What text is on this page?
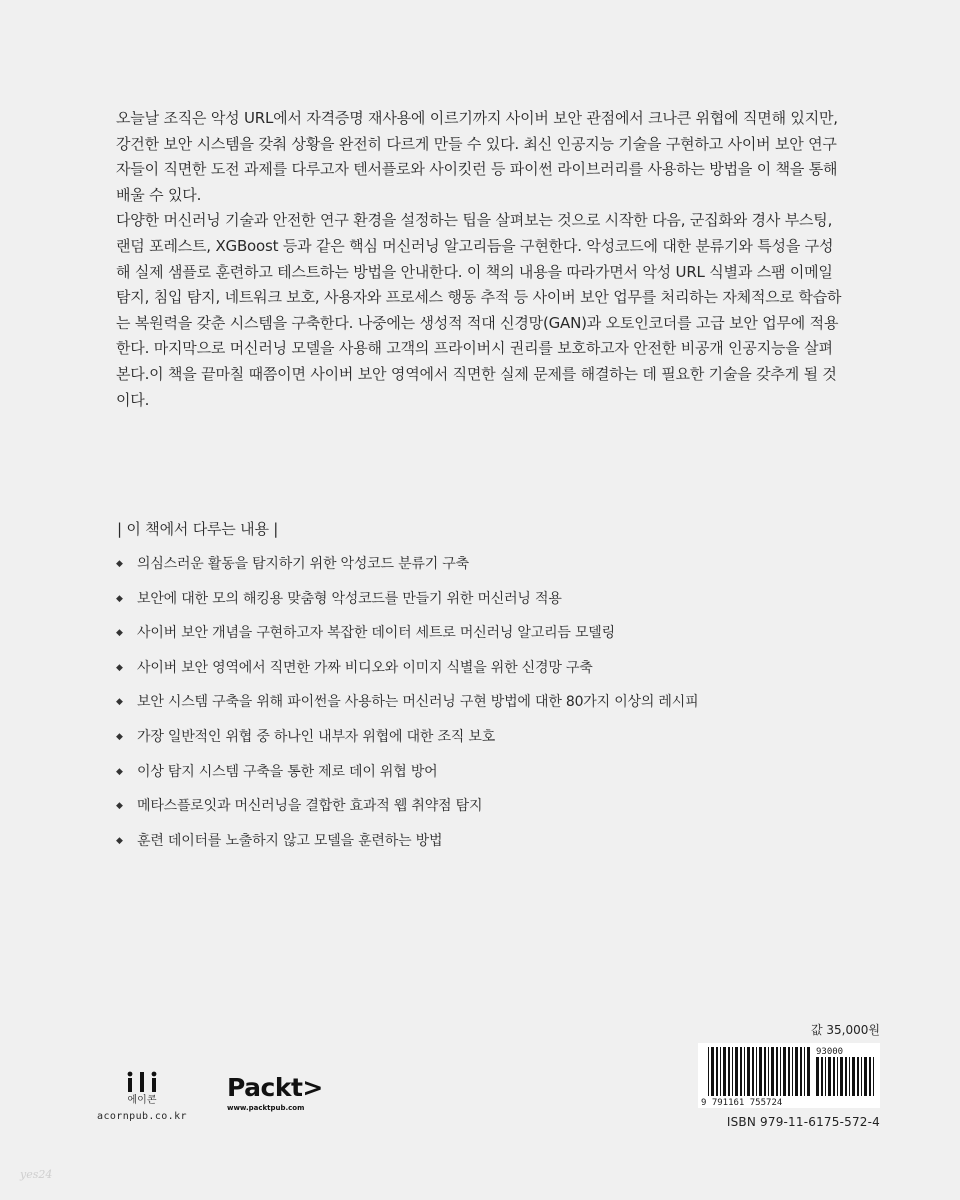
오늘날 조직은 악성 URL에서 자격증명 재사용에 이르기까지 사이버 보안 관점에서 크나큰 위협에 직면해 있지만, 강건한 보안 시스템을 갖춰 상황을 완전히 다르게 만들 수 있다. 최신 인공지능 기술을 구현하고 사이버 보안 연구자들이 직면한 도전 과제를 다루고자 텐서플로와 사이킷런 등 파이썬 라이브러리를 사용하는 방법을 이 책을 통해 배울 수 있다.

다양한 머신러닝 기술과 안전한 연구 환경을 설정하는 팁을 살펴보는 것으로 시작한 다음, 군집화와 경사 부스팅, 랜덤 포레스트, XGBoost 등과 같은 핵심 머신러닝 알고리듬을 구현한다. 악성코드에 대한 분류기와 특성을 구성해 실제 샘플로 훈련하고 테스트하는 방법을 안내한다. 이 책의 내용을 따라가면서 악성 URL 식별과 스팸 이메일 탐지, 침입 탐지, 네트워크 보호, 사용자와 프로세스 행동 추적 등 사이버 보안 업무를 처리하는 자체적으로 학습하는 복원력을 갖춘 시스템을 구축한다. 나중에는 생성적 적대 신경망(GAN)과 오토인코더를 고급 보안 업무에 적용한다. 마지막으로 머신러닝 모델을 사용해 고객의 프라이버시 권리를 보호하고자 안전한 비공개 인공지능을 살펴본다.이 책을 끝마칠 때쯤이면 사이버 보안 영역에서 직면한 실제 문제를 해결하는 데 필요한 기술을 갖추게 될 것이다.

| 이 책에서 다루는 내용 |
◆	의심스러운 활동을 탐지하기 위한 악성코드 분류기 구축
◆	보안에 대한 모의 해킹용 맞춤형 악성코드를 만들기 위한 머신러닝 적용
◆	사이버 보안 개념을 구현하고자 복잡한 데이터 세트로 머신러닝 알고리듬 모델링
◆	사이버 보안 영역에서 직면한 가짜 비디오와 이미지 식별을 위한 신경망 구축
◆	보안 시스템 구축을 위해 파이썬을 사용하는 머신러닝 구현 방법에 대한 80가지 이상의 레시피
◆	가장 일반적인 위협 중 하나인 내부자 위협에 대한 조직 보호
◆	이상 탐지 시스템 구축을 통한 제로 데이 위협 방어
◆	메타스플로잇과 머신러닝을 결합한 효과적 웹 취약점 탐지
◆	훈련 데이터를 노출하지 않고 모델을 훈련하는 방법
에이콘
acornpub.co.kr
Packt>
www.packtpub.com
값 35,000원
93000
9 791161 755724
ISBN 979-11-6175-572-4
yes24
